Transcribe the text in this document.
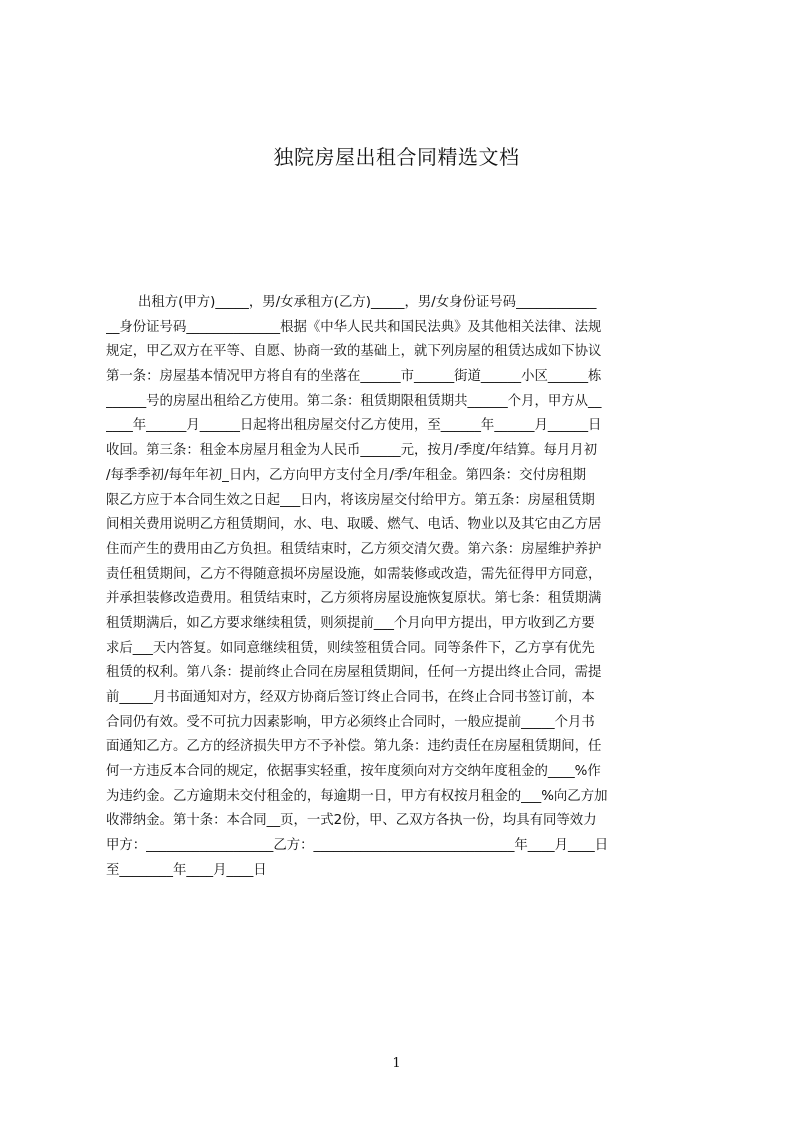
独院房屋出租合同精选文档
出租方(甲方)_____，男/女承租方(乙方)_____，男/女身份证号码____________
__身份证号码______________根据《中华人民共和国民法典》及其他相关法律、法规
规定，甲乙双方在平等、自愿、协商一致的基础上，就下列房屋的租赁达成如下协议
第一条：房屋基本情况甲方将自有的坐落在______市______街道______小区______栋
______号的房屋出租给乙方使用。第二条：租赁期限租赁期共______个月，甲方从__
____年______月______日起将出租房屋交付乙方使用，至______年______月______日
收回。第三条：租金本房屋月租金为人民币______元，按月/季度/年结算。每月月初
/每季季初/每年年初_日内，乙方向甲方支付全月/季/年租金。第四条：交付房租期
限乙方应于本合同生效之日起___日内，将该房屋交付给甲方。第五条：房屋租赁期
间相关费用说明乙方租赁期间，水、电、取暖、燃气、电话、物业以及其它由乙方居
住而产生的费用由乙方负担。租赁结束时，乙方须交清欠费。第六条：房屋维护养护
责任租赁期间，乙方不得随意损坏房屋设施，如需装修或改造，需先征得甲方同意，
并承担装修改造费用。租赁结束时，乙方须将房屋设施恢复原状。第七条：租赁期满
租赁期满后，如乙方要求继续租赁，则须提前___个月向甲方提出，甲方收到乙方要
求后___天内答复。如同意继续租赁，则续签租赁合同。同等条件下，乙方享有优先
租赁的权利。第八条：提前终止合同在房屋租赁期间，任何一方提出终止合同，需提
前_____月书面通知对方，经双方协商后签订终止合同书，在终止合同书签订前，本
合同仍有效。受不可抗力因素影响，甲方必须终止合同时，一般应提前_____个月书
面通知乙方。乙方的经济损失甲方不予补偿。第九条：违约责任在房屋租赁期间，任
何一方违反本合同的规定，依据事实轻重，按年度须向对方交纳年度租金的____%作
为违约金。乙方逾期未交付租金的，每逾期一日，甲方有权按月租金的___%向乙方加
收滞纳金。第十条：本合同__页，一式2份，甲、乙双方各执一份，均具有同等效力
甲方：___________________乙方：______________________________年____月____日
至________年____月____日
1
